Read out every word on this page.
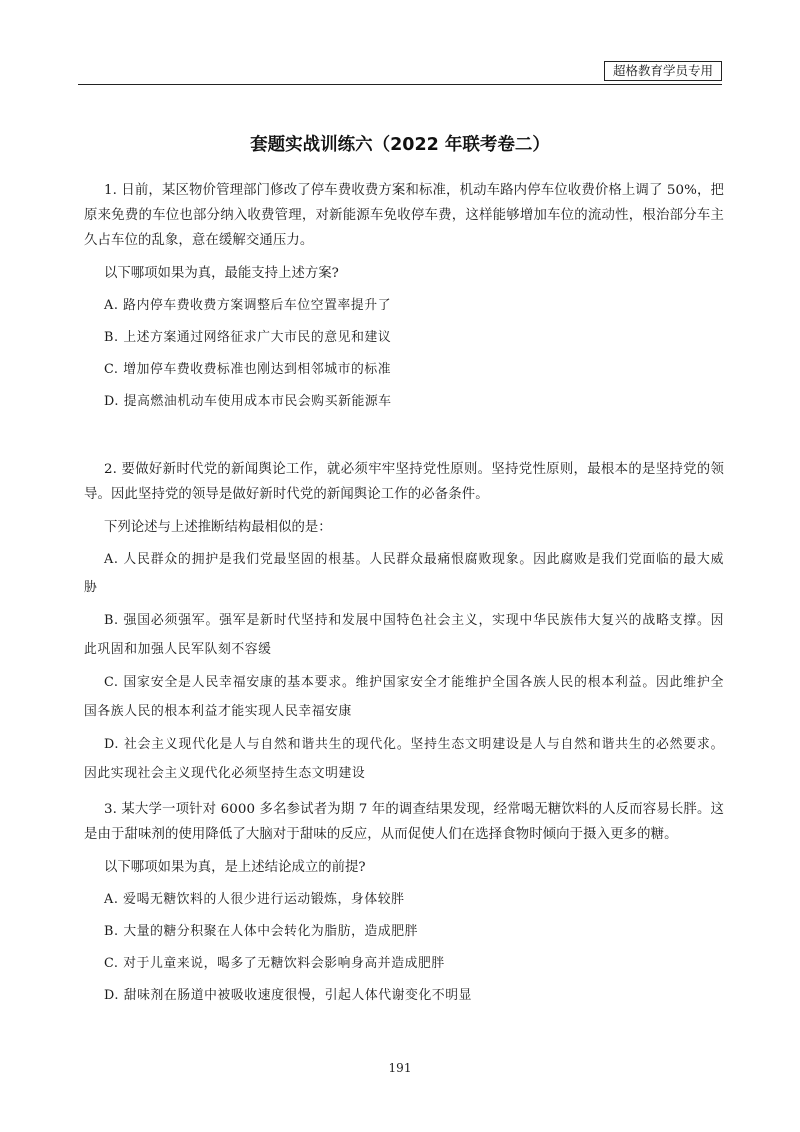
超格教育学员专用
套题实战训练六（2022 年联考卷二）

1. 日前，某区物价管理部门修改了停车费收费方案和标准，机动车路内停车位收费价格上调了 50%，把原来免费的车位也部分纳入收费管理，对新能源车免收停车费，这样能够增加车位的流动性，根治部分车主久占车位的乱象，意在缓解交通压力。

以下哪项如果为真，最能支持上述方案?

A. 路内停车费收费方案调整后车位空置率提升了

B. 上述方案通过网络征求广大市民的意见和建议

C. 增加停车费收费标准也刚达到相邻城市的标准

D. 提高燃油机动车使用成本市民会购买新能源车

2. 要做好新时代党的新闻舆论工作，就必须牢牢坚持党性原则。坚持党性原则，最根本的是坚持党的领导。因此坚持党的领导是做好新时代党的新闻舆论工作的必备条件。

下列论述与上述推断结构最相似的是：

A. 人民群众的拥护是我们党最坚固的根基。人民群众最痛恨腐败现象。因此腐败是我们党面临的最大威胁

B. 强国必须强军。强军是新时代坚持和发展中国特色社会主义，实现中华民族伟大复兴的战略支撑。因此巩固和加强人民军队刻不容缓

C. 国家安全是人民幸福安康的基本要求。维护国家安全才能维护全国各族人民的根本利益。因此维护全国各族人民的根本利益才能实现人民幸福安康

D. 社会主义现代化是人与自然和谐共生的现代化。坚持生态文明建设是人与自然和谐共生的必然要求。因此实现社会主义现代化必须坚持生态文明建设

3. 某大学一项针对 6000 多名参试者为期 7 年的调查结果发现，经常喝无糖饮料的人反而容易长胖。这是由于甜味剂的使用降低了大脑对于甜味的反应，从而促使人们在选择食物时倾向于摄入更多的糖。

以下哪项如果为真，是上述结论成立的前提?

A. 爱喝无糖饮料的人很少进行运动锻炼，身体较胖

B. 大量的糖分积聚在人体中会转化为脂肪，造成肥胖

C. 对于儿童来说，喝多了无糖饮料会影响身高并造成肥胖

D. 甜味剂在肠道中被吸收速度很慢，引起人体代谢变化不明显

191
